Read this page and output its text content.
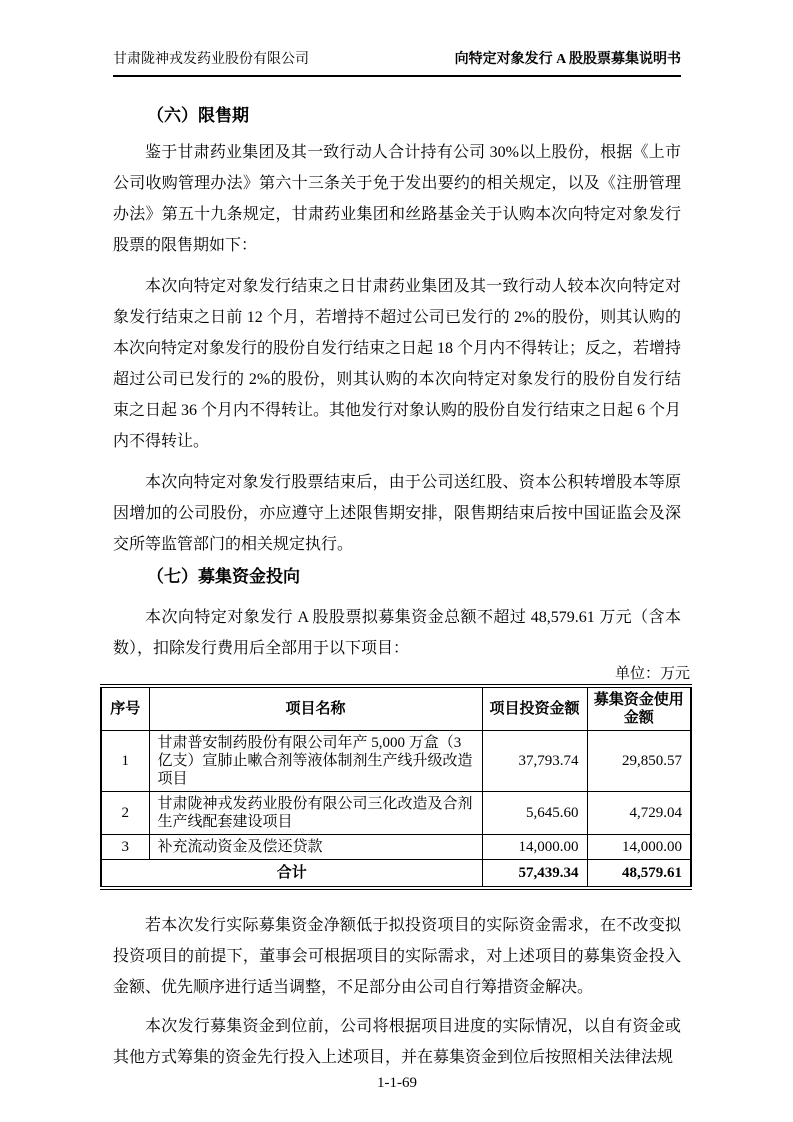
甘肃陇神戎发药业股份有限公司	向特定对象发行 A 股股票募集说明书
（六）限售期

鉴于甘肃药业集团及其一致行动人合计持有公司 30%以上股份，根据《上市公司收购管理办法》第六十三条关于免于发出要约的相关规定，以及《注册管理办法》第五十九条规定，甘肃药业集团和丝路基金关于认购本次向特定对象发行股票的限售期如下：

本次向特定对象发行结束之日甘肃药业集团及其一致行动人较本次向特定对象发行结束之日前 12 个月，若增持不超过公司已发行的 2%的股份，则其认购的本次向特定对象发行的股份自发行结束之日起 18 个月内不得转让；反之，若增持超过公司已发行的 2%的股份，则其认购的本次向特定对象发行的股份自发行结束之日起 36 个月内不得转让。其他发行对象认购的股份自发行结束之日起 6 个月内不得转让。

本次向特定对象发行股票结束后，由于公司送红股、资本公积转增股本等原因增加的公司股份，亦应遵守上述限售期安排，限售期结束后按中国证监会及深交所等监管部门的相关规定执行。

（七）募集资金投向

本次向特定对象发行 A 股股票拟募集资金总额不超过 48,579.61 万元（含本数），扣除发行费用后全部用于以下项目：

单位：万元
序号	项目名称	项目投资金额	募集资金使用金额
1	甘肃普安制药股份有限公司年产 5,000 万盒（3 亿支）宣肺止嗽合剂等液体制剂生产线升级改造项目	37,793.74	29,850.57
2	甘肃陇神戎发药业股份有限公司三化改造及合剂生产线配套建设项目	5,645.60	4,729.04
3	补充流动资金及偿还贷款	14,000.00	14,000.00
合计		57,439.34	48,579.61

若本次发行实际募集资金净额低于拟投资项目的实际资金需求，在不改变拟投资项目的前提下，董事会可根据项目的实际需求，对上述项目的募集资金投入金额、优先顺序进行适当调整，不足部分由公司自行筹措资金解决。

本次发行募集资金到位前，公司将根据项目进度的实际情况，以自有资金或其他方式筹集的资金先行投入上述项目，并在募集资金到位后按照相关法律法规

1-1-69
